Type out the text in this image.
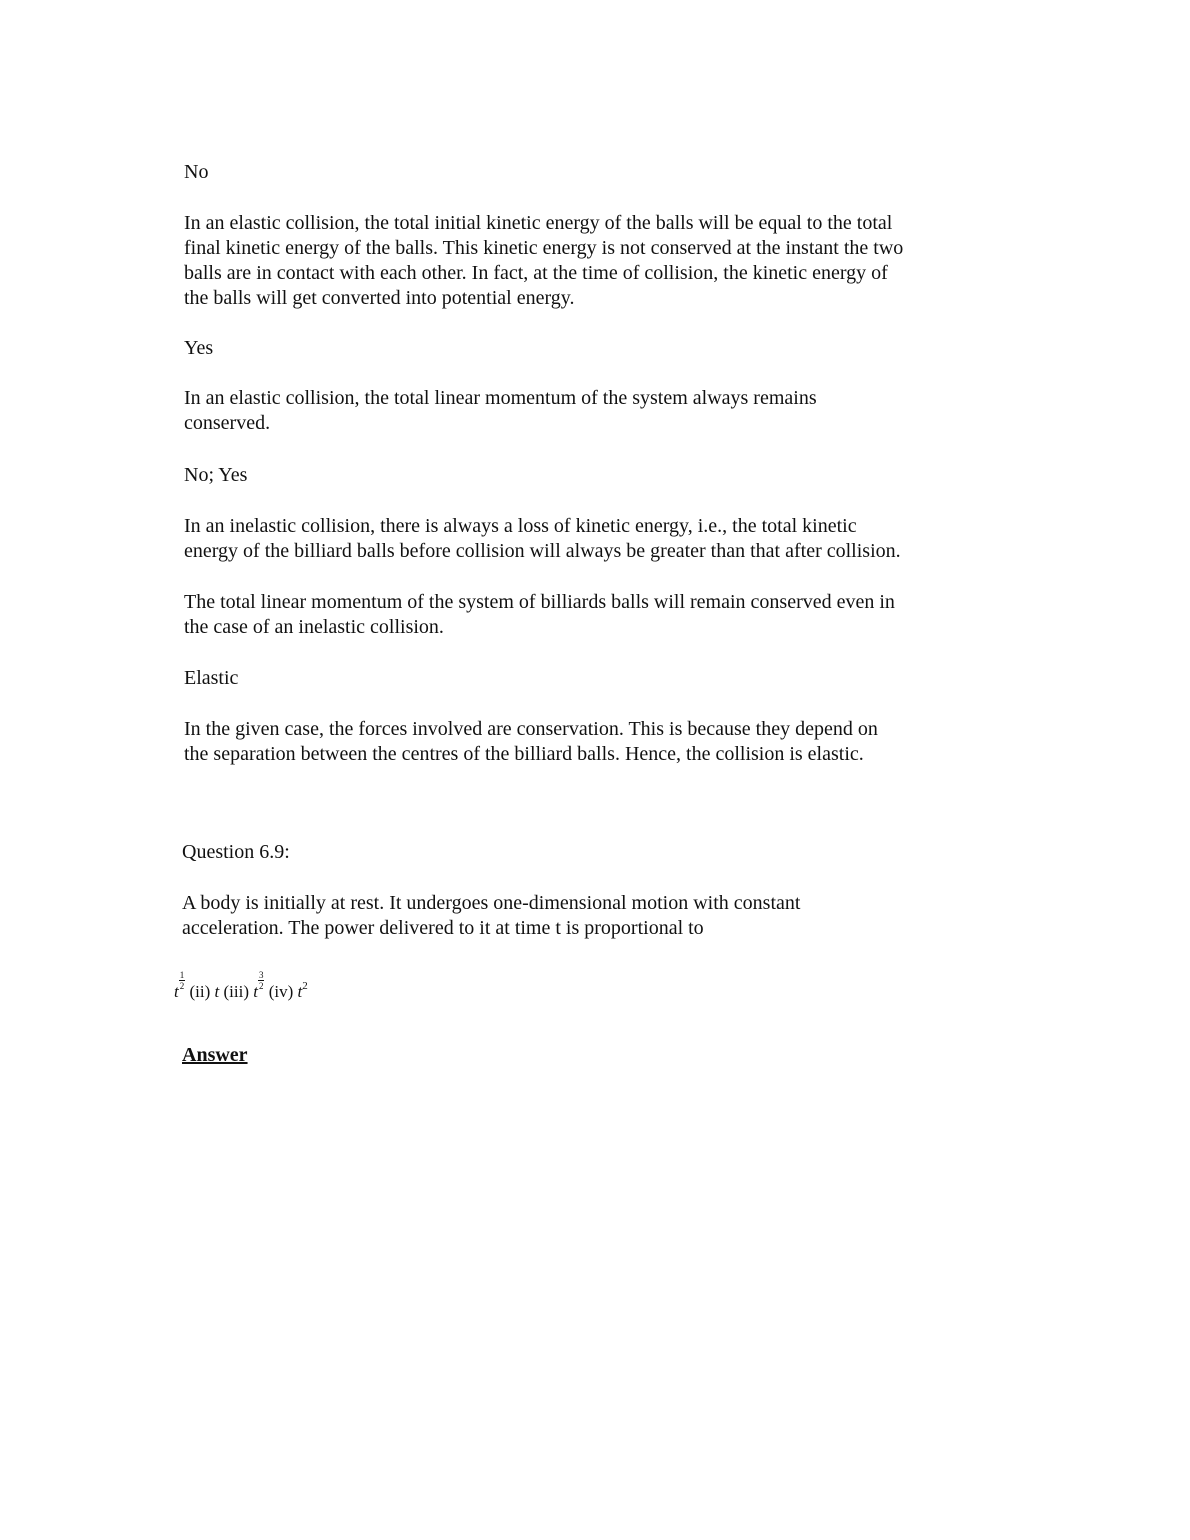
No
In an elastic collision, the total initial kinetic energy of the balls will be equal to the total
final kinetic energy of the balls. This kinetic energy is not conserved at the instant the two
balls are in contact with each other. In fact, at the time of collision, the kinetic energy of
the balls will get converted into potential energy.
Yes
In an elastic collision, the total linear momentum of the system always remains
conserved.
No; Yes
In an inelastic collision, there is always a loss of kinetic energy, i.e., the total kinetic
energy of the billiard balls before collision will always be greater than that after collision.
The total linear momentum of the system of billiards balls will remain conserved even in
the case of an inelastic collision.
Elastic
In the given case, the forces involved are conservation. This is because they depend on
the separation between the centres of the billiard balls. Hence, the collision is elastic.
Question 6.9:
A body is initially at rest. It undergoes one-dimensional motion with constant
acceleration. The power delivered to it at time t is proportional to
t
$\frac{1}{2}$
(ii) t (iii) t
$\frac{3}{2}$
(iv) t2
Answer
